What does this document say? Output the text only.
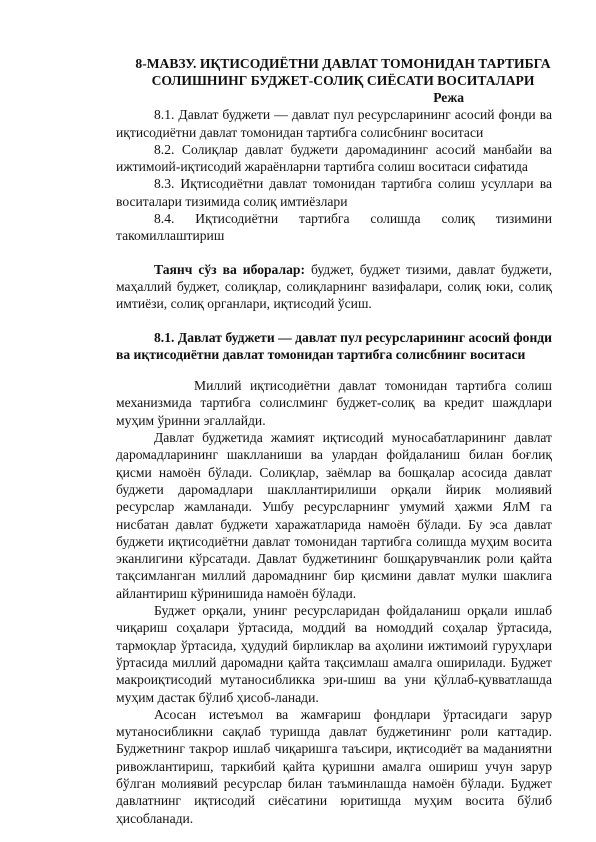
8-МАВЗУ. ИҚТИСОДИЁТНИ ДАВЛАТ ТОМОНИДАН ТАРТИБГА СОЛИШНИНГ БУДЖЕТ-СОЛИҚ СИЁСАТИ ВОСИТАЛАРИ
Режа

8.1. Давлат буджети — давлат пул ресурсларининг асосий фонди ва иқтисодиётни давлат томонидан тартибга солисбнинг воситаси

8.2. Солиқлар давлат буджети даромадининг асосий манбайи ва ижтимоий-иқтисодий жараёнларни тартибга солиш воситаси сифатида

8.3. Иқтисодиётни давлат томонидан тартибга солиш усуллари ва воситалари тизимида солиқ имтиёзлари

8.4. Иқтисодиётни тартибга солишда солиқ тизимини такомиллаштириш

Таянч сўз ва иборалар: буджет, буджет тизими, давлат буджети, маҳаллий буджет, солиқлар, солиқларнинг вазифалари, солиқ юки, солиқ имтиёзи, солиқ органлари, иқтисодий ўсиш.

8.1. Давлат буджети — давлат пул ресурсларининг асосий фонди ва иқтисодиётни давлат томонидан тартибга солисбнинг воситаси

Миллий иқтисодиётни давлат томонидан тартибга солиш механизмида тартибга солислминг буджет-солиқ ва кредит шаждлари муҳим ўринни эгаллайди.

Давлат буджетида жамият иқтисодий муносабатларининг давлат даромадларининг шаклланиши ва улардан фойдаланиш билан боғлиқ қисми намоён бўлади. Солиқлар, заёмлар ва бошқалар асосида давлат буджети даромадлари шакллантирилиши орқали йирик молиявий ресурслар жамланади. Ушбу ресурсларнинг умумий ҳажми ЯлМ га нисбатан давлат буджети харажатларида намоён бўлади. Бу эса давлат буджети иқтисодиётни давлат томонидан тартибга солишда муҳим восита эканлигини кўрсатади. Давлат буджетининг бошқарувчанлик роли қайта тақсимланган миллий даромаднинг бир қисмини давлат мулки шаклига айлантириш кўринишида намоён бўлади.

Буджет орқали, унинг ресурсларидан фойдаланиш орқали ишлаб чиқариш соҳалари ўртасида, моддий ва номоддий соҳалар ўртасида, тармоқлар ўртасида, ҳудудий бирликлар ва аҳолини ижтимоий гуруҳлари ўртасида миллий даромадни қайта тақсимлаш амалга оширилади. Буджет макроиқтисодий мутаносибликка эри-шиш ва уни қўллаб-қувватлашда муҳим дастак бўлиб ҳисоб-ланади.

Асосан истеъмол ва жамғариш фондлари ўртасидаги зарур мутаносибликни сақлаб туришда давлат буджетининг роли каттадир. Буджетнинг такрор ишлаб чиқаришга таъсири, иқтисодиёт ва маданиятни ривожлантириш, таркибий қайта қуришни амалга ошириш учун зарур бўлган молиявий ресурслар билан таъминлашда намоён бўлади. Буджет давлатнинг иқтисодий сиёсатини юритишда муҳим восита бўлиб ҳисобланади.
